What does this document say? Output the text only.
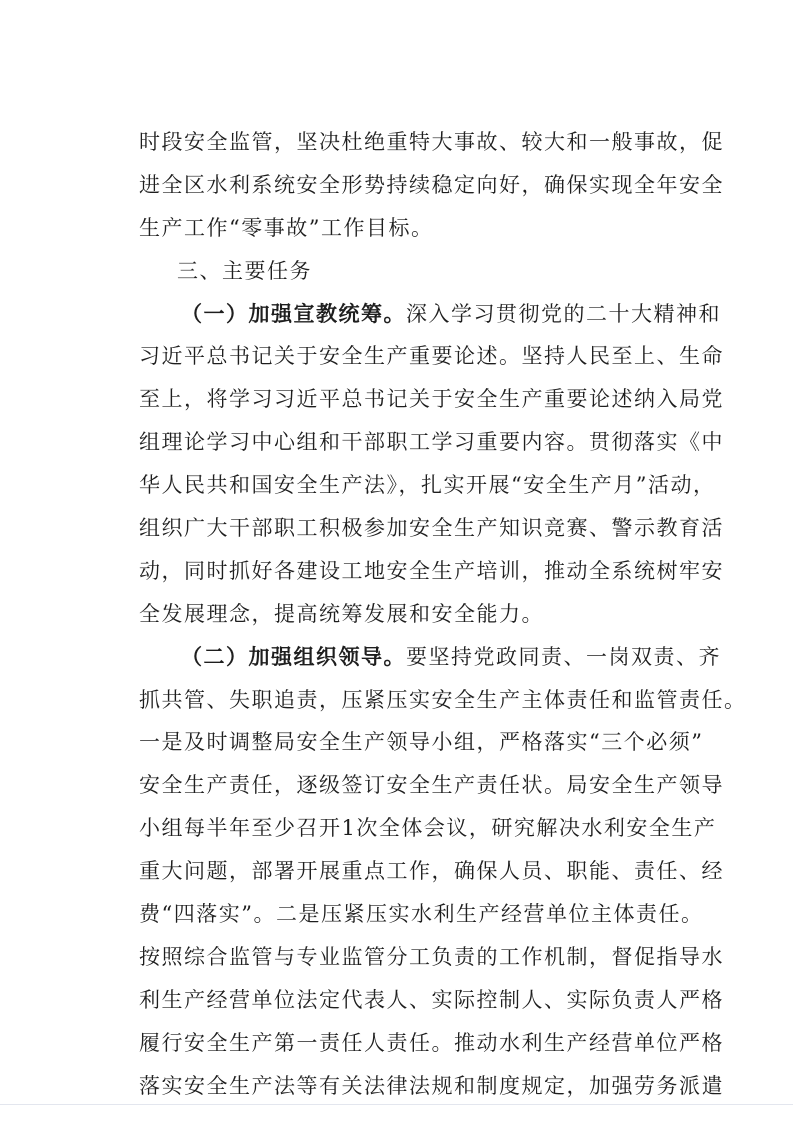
时段安全监管，坚决杜绝重特大事故、较大和一般事故，促
进全区水利系统安全形势持续稳定向好，确保实现全年安全
生产工作“零事故”工作目标。
三、主要任务
（一）加强宣教统筹。深入学习贯彻党的二十大精神和
习近平总书记关于安全生产重要论述。坚持人民至上、生命
至上，将学习习近平总书记关于安全生产重要论述纳入局党
组理论学习中心组和干部职工学习重要内容。贯彻落实《中
华人民共和国安全生产法》，扎实开展“安全生产月”活动，
组织广大干部职工积极参加安全生产知识竞赛、警示教育活
动，同时抓好各建设工地安全生产培训，推动全系统树牢安
全发展理念，提高统筹发展和安全能力。
（二）加强组织领导。要坚持党政同责、一岗双责、齐
抓共管、失职追责，压紧压实安全生产主体责任和监管责任。
一是及时调整局安全生产领导小组，严格落实“三个必须”
安全生产责任，逐级签订安全生产责任状。局安全生产领导
小组每半年至少召开1次全体会议，研究解决水利安全生产
重大问题，部署开展重点工作，确保人员、职能、责任、经
费“四落实”。二是压紧压实水利生产经营单位主体责任。
按照综合监管与专业监管分工负责的工作机制，督促指导水
利生产经营单位法定代表人、实际控制人、实际负责人严格
履行安全生产第一责任人责任。推动水利生产经营单位严格
落实安全生产法等有关法律法规和制度规定，加强劳务派遣
